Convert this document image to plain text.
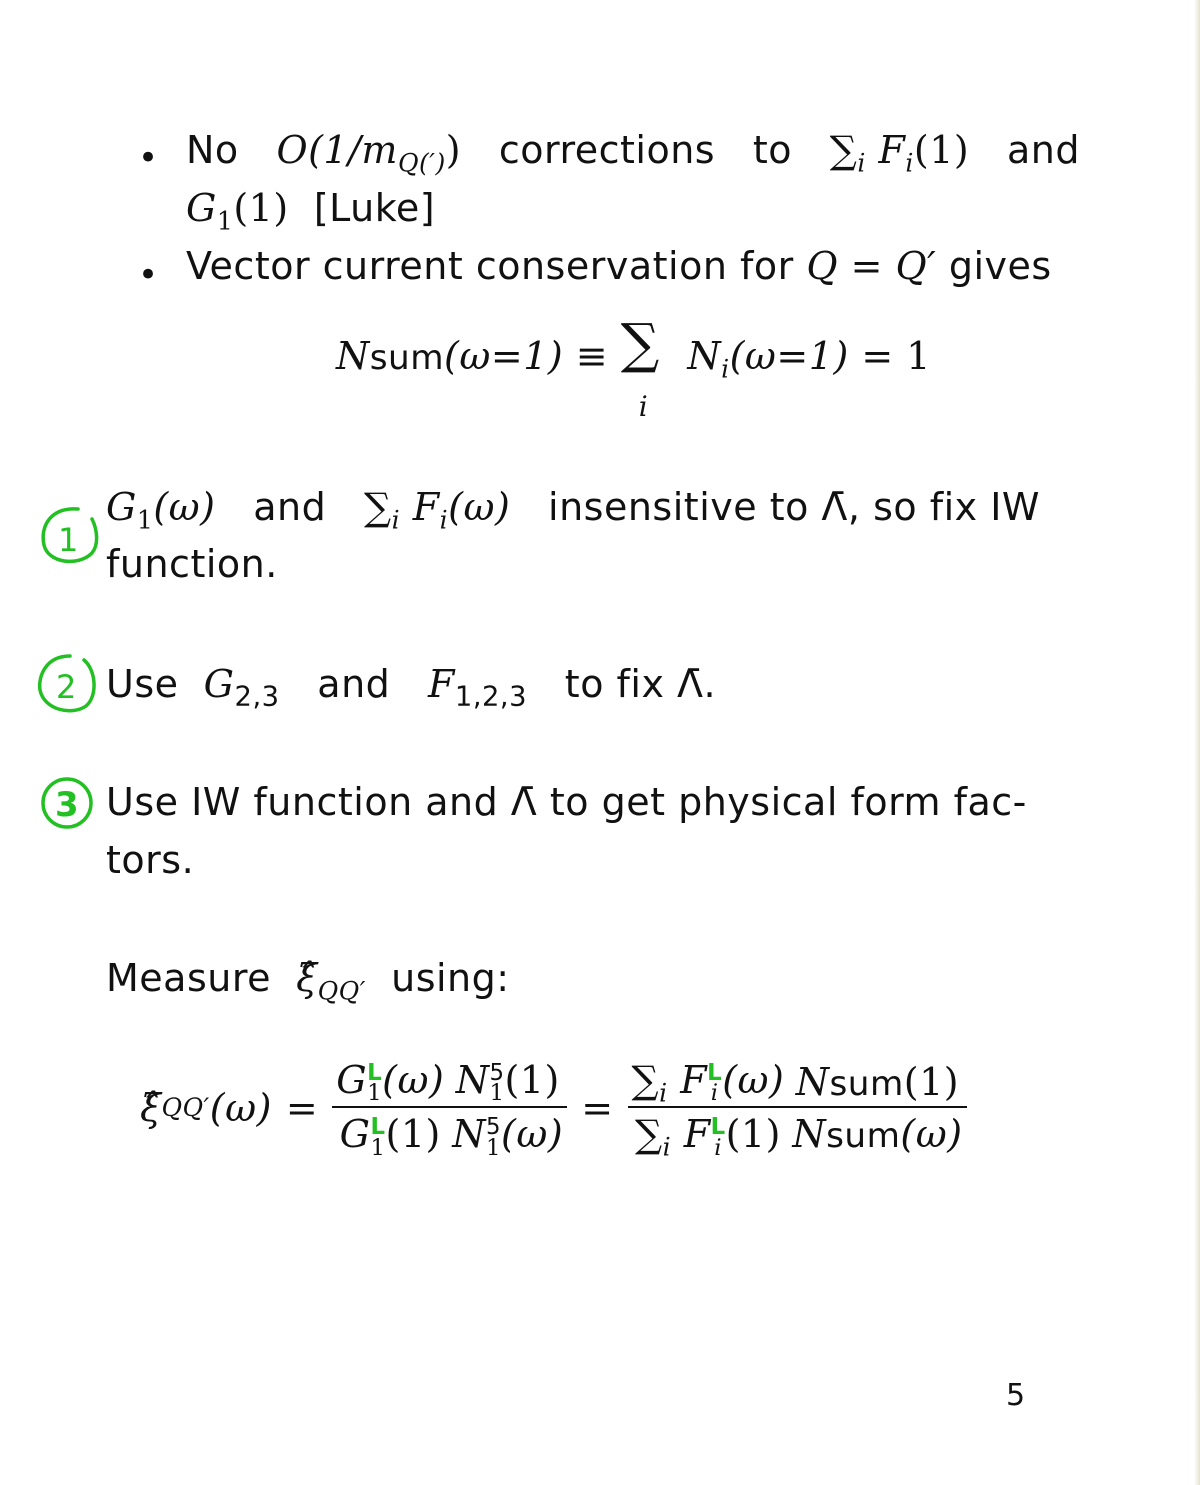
• No $O(1/m_{Q(')})$ corrections to $\sum_i$ $F_i(1)$ and
$G_1(1)$ [Luke]
• Vector current conservation for Q = Q′ gives
Nsum(ω=1) ≡ ∑
i
$N_i(\omega=1) = 1$
1
$G_1(\omega)$ and $\sum_i$ $F_i(\omega)$ insensitive to Λ̄, so fix IW
function.
2 Use $G_{2,3}$ and $F_{1,2,3}$ to fix Λ̄.
3 Use IW function and Λ̄ to get physical form fac-
tors.
Measure $\xî_{QQ'}$ using:
ξ̂ QQ′ (ω) = G L
1 (ω)
G L
1 (1) N 5
1 (1)
N 5
1 $(\omega) = \sum_i$ F L
i (ω)
$\sum_i$ F L
i $(1) \frac{\text{Nsum(1)}}{\text{Nsum(ω)}}$
5
